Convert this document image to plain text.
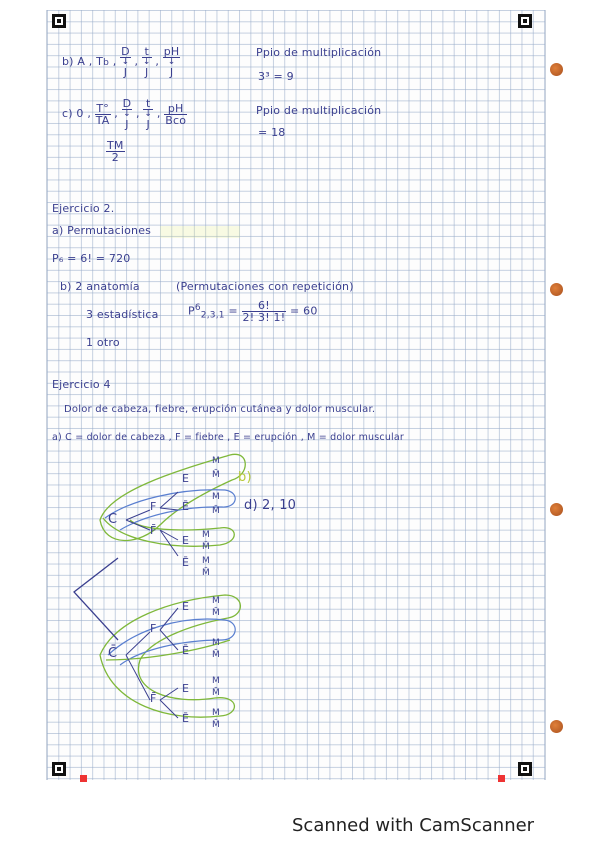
b) A , Tb ,
D
↓
J
,
t
↓
J
,
pH
↓
J
Ppio de multiplicación
3³ = 9
c) 0 , $\frac{T^\circ}{TA}$ ,
D
↓
J
,
t
↓
J
, $\frac{pH}{\text{Bco}}$
$\frac{TM}{2}$
Ppio de multiplicación
= 18
Ejercicio 2.
a) Permutaciones
P₆ = 6! = 720
b) 2 anatomía	(Permutaciones con repetición)
3 estadística	$P^6_{2,3,1} = \frac{6!}{2! 3! 1!} = 60$
1 otro
Ejercicio 4
Dolor de cabeza, fiebre, erupción cutánea y dolor muscular.
a) C = dolor de cabeza , F = fiebre , E = erupción , M = dolor muscular
C
C̄
F
F̄
F
F̄
E
Ē
E
Ē
E
Ē
E
Ē
M
M̄
M
M̄
M
M̄
M
M̄
M
M̄
M
M̄
M
M̄
M
M̄
b)
d) 2, 10
Scanned with CamScanner
